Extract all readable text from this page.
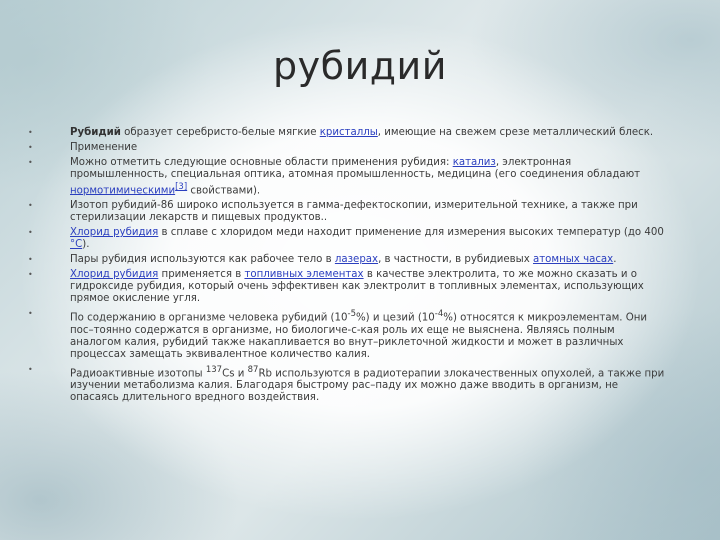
рубидий
•	Рубидий образует серебристо-белые мягкие кристаллы, имеющие на свежем срезе металлический блеск.
•	Применение
•	Можно отметить следующие основные области применения рубидия: катализ, электронная промышленность, специальная оптика, атомная промышленность, медицина (его соединения обладают нормотимическими[3] свойствами).
•	Изотоп рубидий-86 широко используется в гамма-дефектоскопии, измерительной технике, а также при стерилизации лекарств и пищевых продуктов..
•	Хлорид рубидия в сплаве с хлоридом меди находит применение для измерения высоких температур (до 400 °C).
•	Пары рубидия используются как рабочее тело в лазерах, в частности, в рубидиевых атомных часах.
•	Хлорид рубидия применяется в топливных элементах в качестве электролита, то же можно сказать и о гидроксиде рубидия, который очень эффективен как электролит в топливных элементах, использующих прямое окисление угля.
•	По содержанию в организме человека рубидий $(10^{-5}\%)$ и цезий $(10^{-4}\%)$ относятся к микроэлементам. Они пос–тоянно содержатся в организме, но биологиче-с-кая роль их еще не выяснена. Являясь полным аналогом калия, рубидий также накапливается во внут–риклеточной жидкости и может в различных процессах замещать эквивалентное количество калия.
•	Радиоактивные изотопы $^{137}$Cs и $^{87}$Rb используются в радиотерапии злокачественных опухолей, а также при изучении метаболизма калия. Благодаря быстрому рас–паду их можно даже вводить в организм, не опасаясь длительного вредного воздействия.
